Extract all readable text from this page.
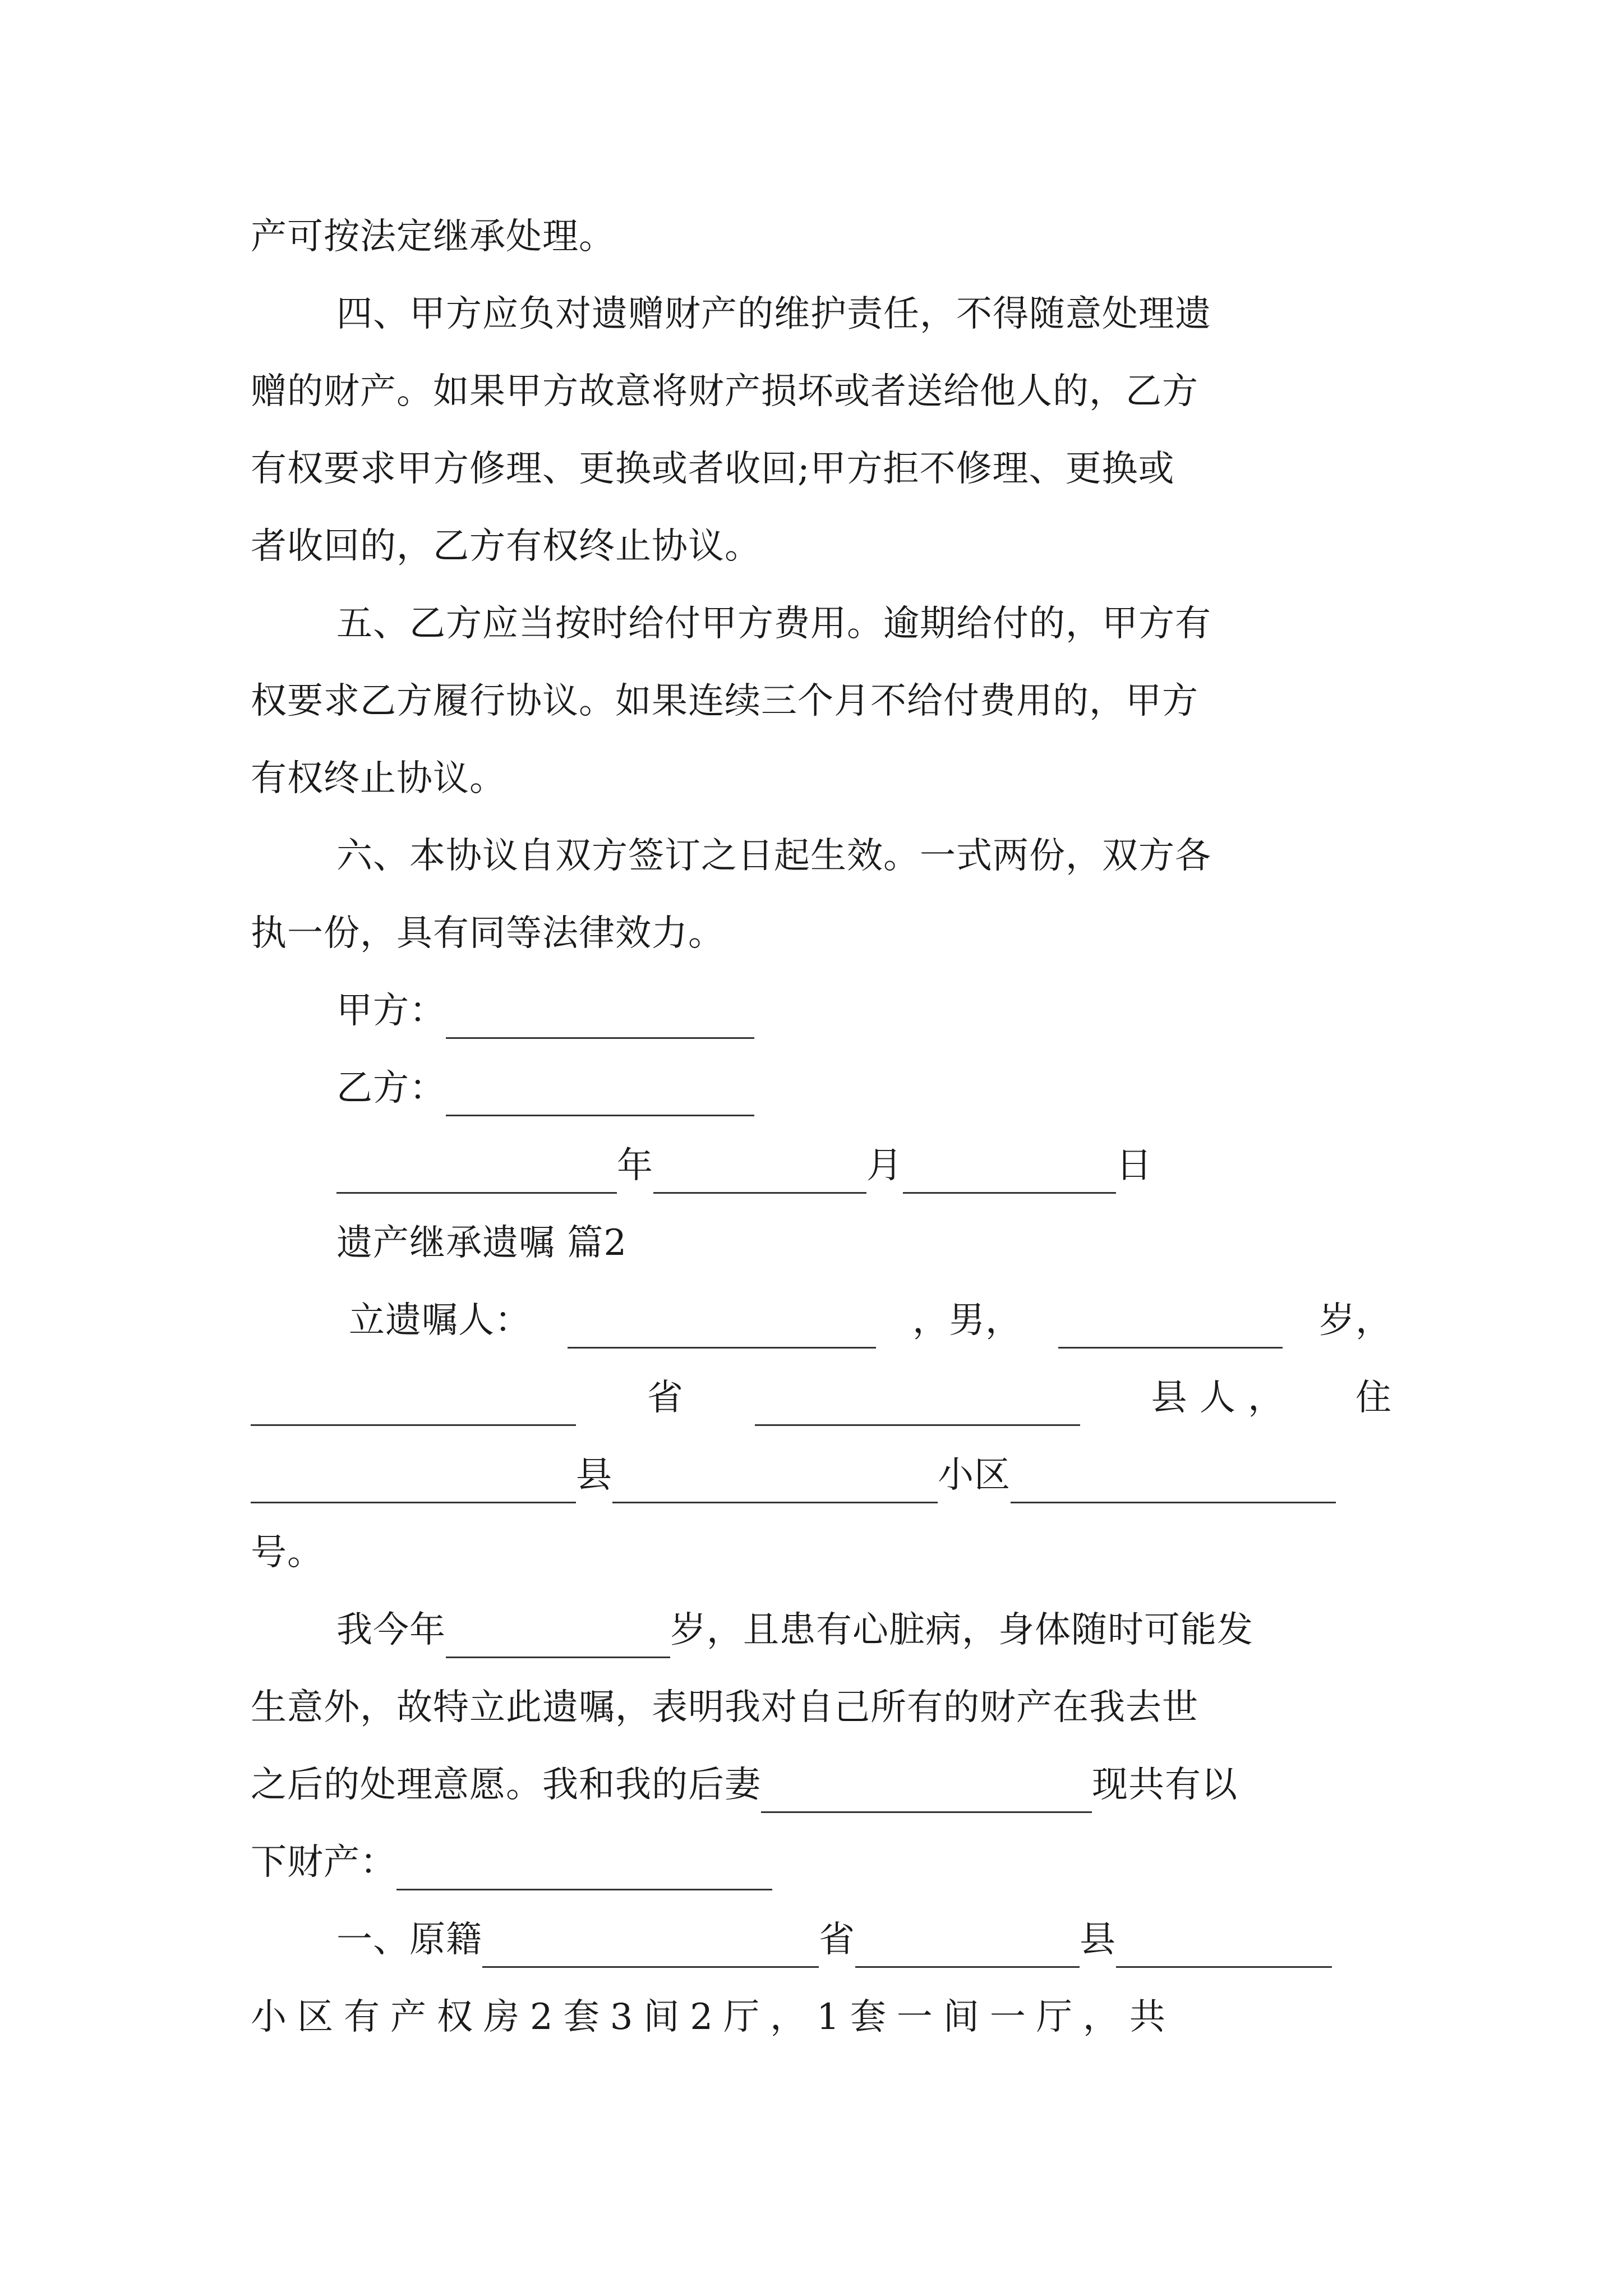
产可按法定继承处理。
四、甲方应负对遗赠财产的维护责任，不得随意处理遗
赠的财产。如果甲方故意将财产损坏或者送给他人的，乙方
有权要求甲方修理、更换或者收回;甲方拒不修理、更换或
者收回的，乙方有权终止协议。
五、乙方应当按时给付甲方费用。逾期给付的，甲方有
权要求乙方履行协议。如果连续三个月不给付费用的，甲方
有权终止协议。
六、本协议自双方签订之日起生效。一式两份，双方各
执一份，具有同等法律效力。
甲方：
乙方：
年	月	日
遗产继承遗嘱 篇2
立遗嘱人：	，男，	岁，
省	县 人 ， 住
县	小区
号。
我今年	岁，且患有心脏病，身体随时可能发
生意外，故特立此遗嘱，表明我对自己所有的财产在我去世
之后的处理意愿。我和我的后妻	现共有以
下财产：
一、原籍	省	县
小区有产权房2套3间2厅，1套一间一厅，共
